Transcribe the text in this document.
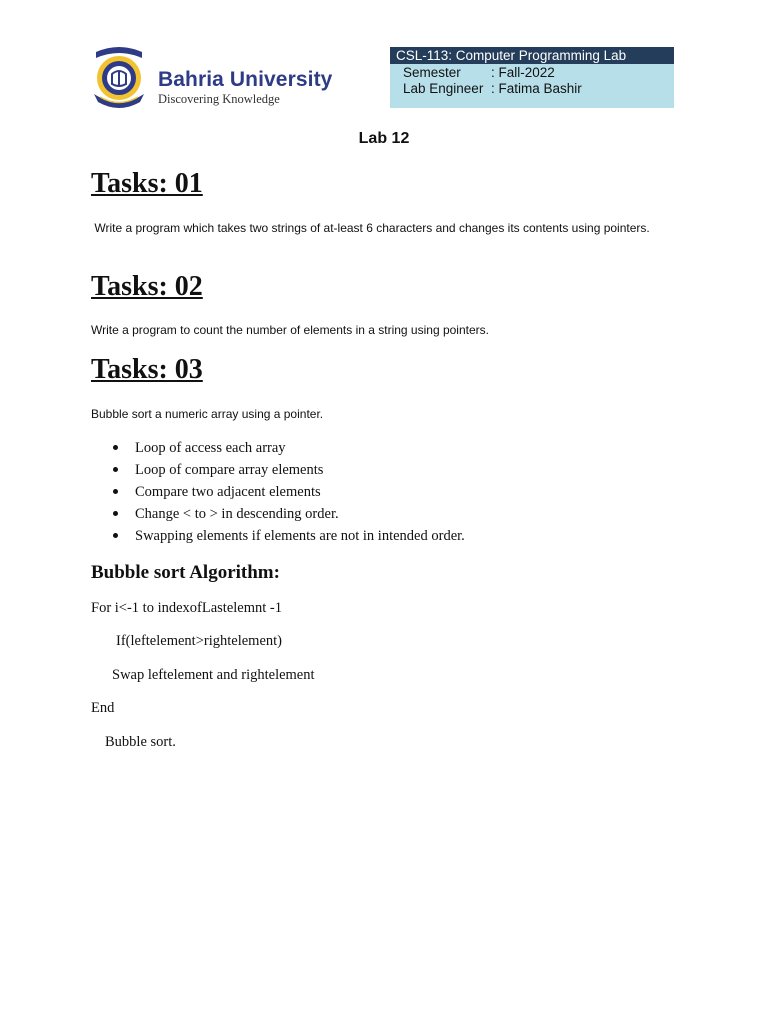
Bahria University
Discovering Knowledge
CSL-113: Computer Programming Lab
Semester : Fall-2022
Lab Engineer : Fatima Bashir
Lab 12
Tasks: 01
Write a program which takes two strings of at-least 6 characters and changes its contents using pointers.
Tasks: 02
Write a program to count the number of elements in a string using pointers.
Tasks: 03
Bubble sort a numeric array using a pointer.
Loop of access each array
Loop of compare array elements
Compare two adjacent elements
Change < to > in descending order.
Swapping elements if elements are not in intended order.
Bubble sort Algorithm:
For i<-1 to indexofLastelemnt -1
If(leftelement>rightelement)
Swap leftelement and rightelement
End
Bubble sort.
